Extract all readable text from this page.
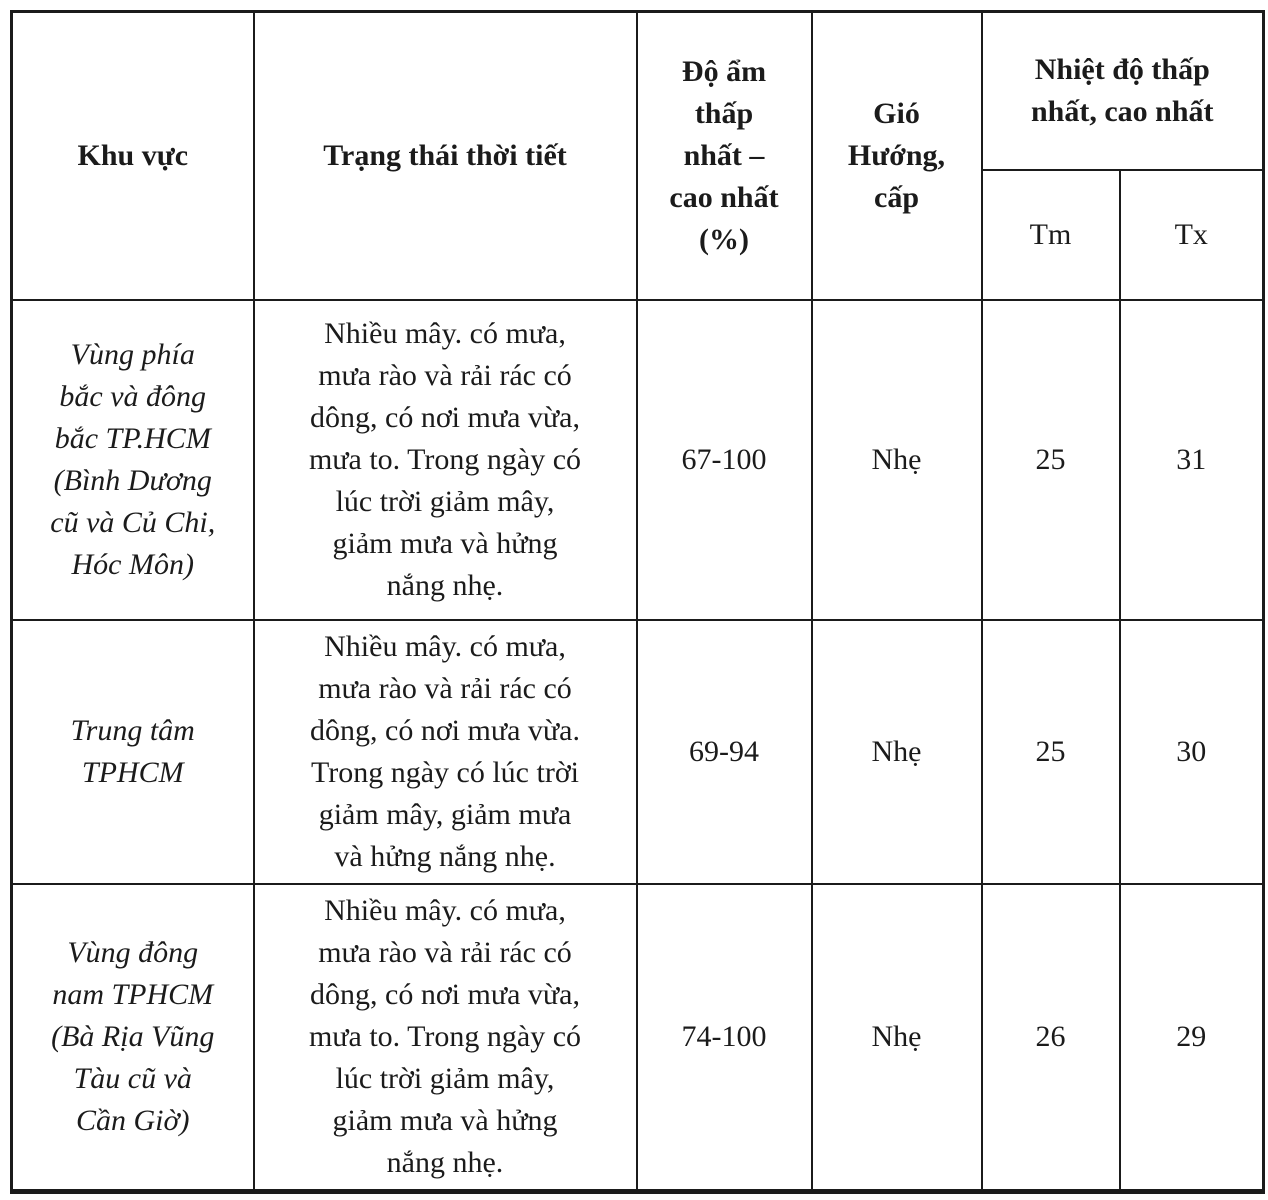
Khu vực	Trạng thái thời tiết	Độ ẩm thấp nhất – cao nhất (%)	Gió Hướng, cấp	Nhiệt độ thấp nhất, cao nhất	

				Tm	Tx

Vùng phía bắc và đông bắc TP.HCM (Bình Dương cũ và Củ Chi, Hóc Môn)	Nhiều mây. có mưa, mưa rào và rải rác có dông, có nơi mưa vừa, mưa to. Trong ngày có lúc trời giảm mây, giảm mưa và hửng nắng nhẹ.	67-100	Nhẹ	25	31

Trung tâm TPHCM	Nhiều mây. có mưa, mưa rào và rải rác có dông, có nơi mưa vừa. Trong ngày có lúc trời giảm mây, giảm mưa và hửng nắng nhẹ.	69-94	Nhẹ	25	30

Vùng đông nam TPHCM (Bà Rịa Vũng Tàu cũ và Cần Giờ)	Nhiều mây. có mưa, mưa rào và rải rác có dông, có nơi mưa vừa, mưa to. Trong ngày có lúc trời giảm mây, giảm mưa và hửng nắng nhẹ.	74-100	Nhẹ	26	29
